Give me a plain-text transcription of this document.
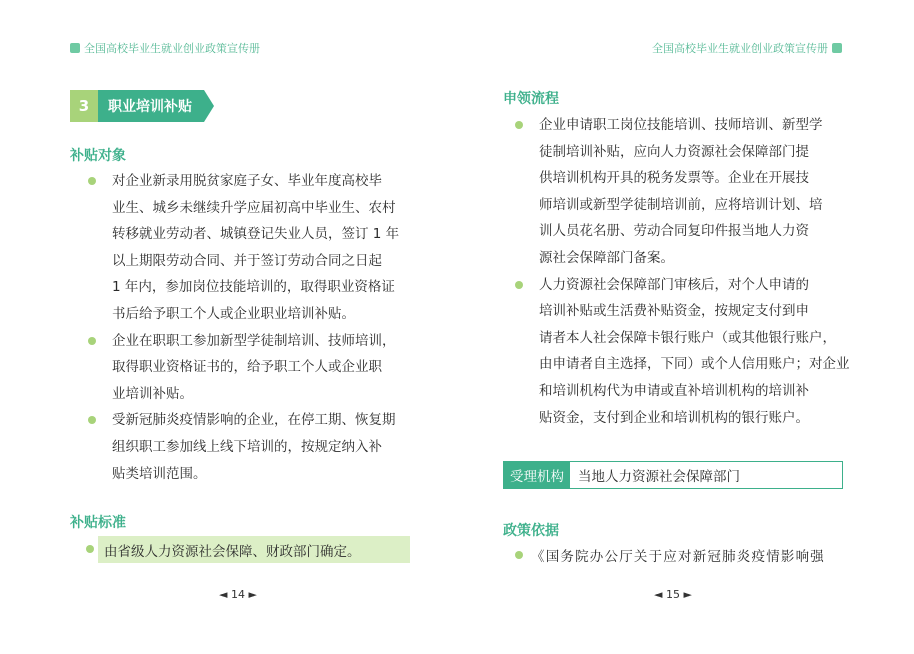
全国高校毕业生就业创业政策宣传册
3	职业培训补贴
补贴对象
对企业新录用脱贫家庭子女、毕业年度高校毕
业生、城乡未继续升学应届初高中毕业生、农村
转移就业劳动者、城镇登记失业人员，签订 1 年
以上期限劳动合同、并于签订劳动合同之日起
1 年内，参加岗位技能培训的，取得职业资格证
书后给予职工个人或企业职业培训补贴。
企业在职职工参加新型学徒制培训、技师培训，
取得职业资格证书的，给予职工个人或企业职
业培训补贴。
受新冠肺炎疫情影响的企业，在停工期、恢复期
组织职工参加线上线下培训的，按规定纳入补
贴类培训范围。
补贴标准
由省级人力资源社会保障、财政部门确定。
◄ 14 ►
全国高校毕业生就业创业政策宣传册
申领流程
企业申请职工岗位技能培训、技师培训、新型学
徒制培训补贴，应向人力资源社会保障部门提
供培训机构开具的税务发票等。企业在开展技
师培训或新型学徒制培训前，应将培训计划、培
训人员花名册、劳动合同复印件报当地人力资
源社会保障部门备案。
人力资源社会保障部门审核后，对个人申请的
培训补贴或生活费补贴资金，按规定支付到申
请者本人社会保障卡银行账户（或其他银行账户，
由申请者自主选择，下同）或个人信用账户；对企业
和培训机构代为申请或直补培训机构的培训补
贴资金，支付到企业和培训机构的银行账户。
受理机构	当地人力资源社会保障部门
政策依据
《国务院办公厅关于应对新冠肺炎疫情影响强
◄ 15 ►
